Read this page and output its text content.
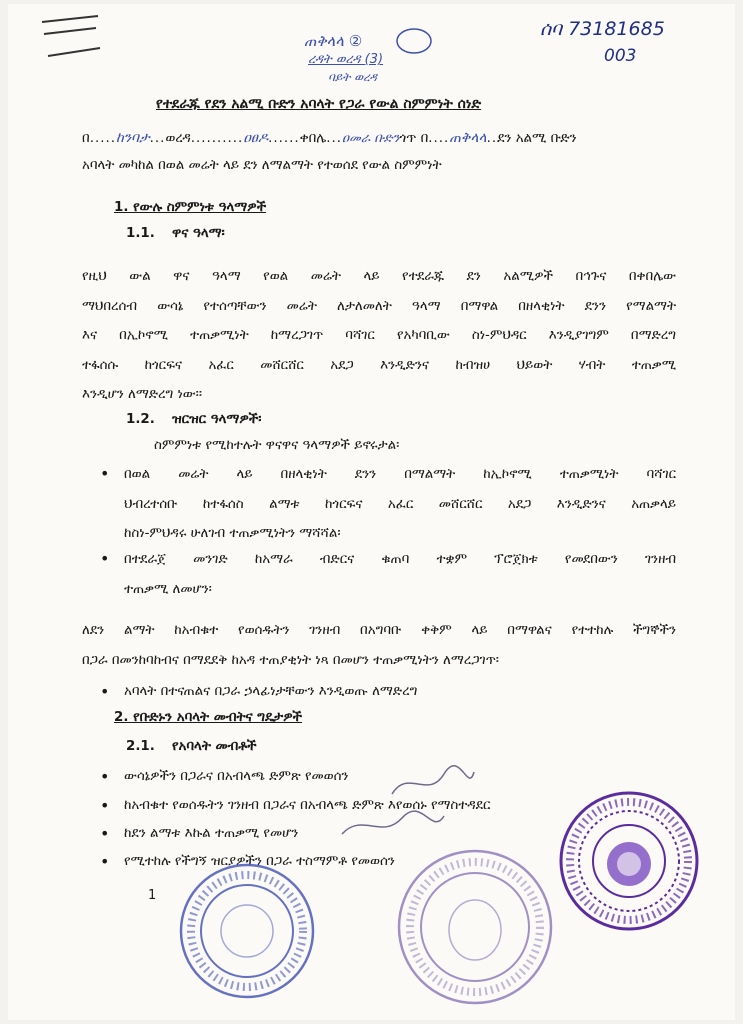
ጠቅላላ ②
ረዳት ወረዳ (3)
ባይት ወረዳ
ሰባ 73181685
003
የተደራጁ የደን አልሚ ቡድን አባላት የጋራ የውል ስምምነት ሰነድ
በ.....ከንባታ...ወረዳ..........ዐፀዶ......ቀበሌ...ዐመራ ቡድንጎጥ በ....ጠቅላላ..ደን አልሚ ቡድን
አባላት መካከል በወል መሬት ላይ ደን ለማልማት የተወሰደ የውል ስምምነት
1. የውሉ ስምምነቱ ዓላማዎች
1.1. ዋና ዓላማ፡
የዚህ ውል ዋና ዓላማ የወል መሬት ላይ የተደራጁ ደን አልሚዎች በኅጉና በቀበሌው
ማህበረሰብ ውሳኔ የተሰጣቸውን መሬት ለታለመለት ዓላማ በማዋል በዘላቂነት ደንን የማልማት
እና በኢኮኖሚ ተጠቃሚነት ከማረጋገጥ ባሻገር የአካባቢው ስነ-ምህዳር እንዲያገግም በማድረግ
ተፋሰሱ ከጎርፍና አፈር መሸርሸር አደጋ እንዲድንና ከብዝሀ ህይወት ሃብት ተጠቃሚ
እንዲሆን ለማድረግ ነው፡፡
1.2. ዝርዝር ዓላማዎች፡
ስምምነቱ የሚከተሉት ዋናዋና ዓላማዎች ይኖሩታል፡
• በወል መሬት ላይ በዘላቂነት ደንን በማልማት ከኢኮኖሚ ተጠቃሚነት ባሻገር
ህብረተሰቡ ከተፋሰስ ልማቱ ከጎርፍና አፈር መሸርሸር አደጋ እንዲድንና አጠቃላይ
ከስነ-ምህዳሩ ሁለገብ ተጠቃሚነትን ማሻሻል፡
• በተደራጀ መንገድ ከአማራ ብድርና ቁጠባ ተቋም ፕሮጀክቱ የመደበውን ገንዘብ
ተጠቃሚ ለመሆን፡
ለደን ልማት ከአብቁተ የወሰዱትን ገንዘብ በአግባቡ ቀቅም ላይ በማዋልና የተተከሉ ችግኞችን
በጋራ በመንከባከብና በማደደቅ ከአዳ ተጠያቂነት ነጻ በመሆን ተጠቃሚነትን ለማረጋገጥ፡
• አባላት በተናጠልና በጋራ ኃላፊነታቸውን እንዲወጡ ለማድረግ
2. የቡድኑን አባላት መብትና ግዴታዎች
2.1. የአባላት መብቶች
• ውሳኔዎችን በጋራና በአብላጫ ድምጽ የመወሰን
• ከአብቁተ የወሰዱትን ገንዘብ በጋራና በአብላጫ ድምጽ እየወሰኑ የማስተዳደር
• ከደን ልማቱ እኩል ተጠቃሚ የመሆን
• የሚተከሉ የችግኝ ዝርያዎችን በጋራ ተስማምቶ የመወሰን
1
